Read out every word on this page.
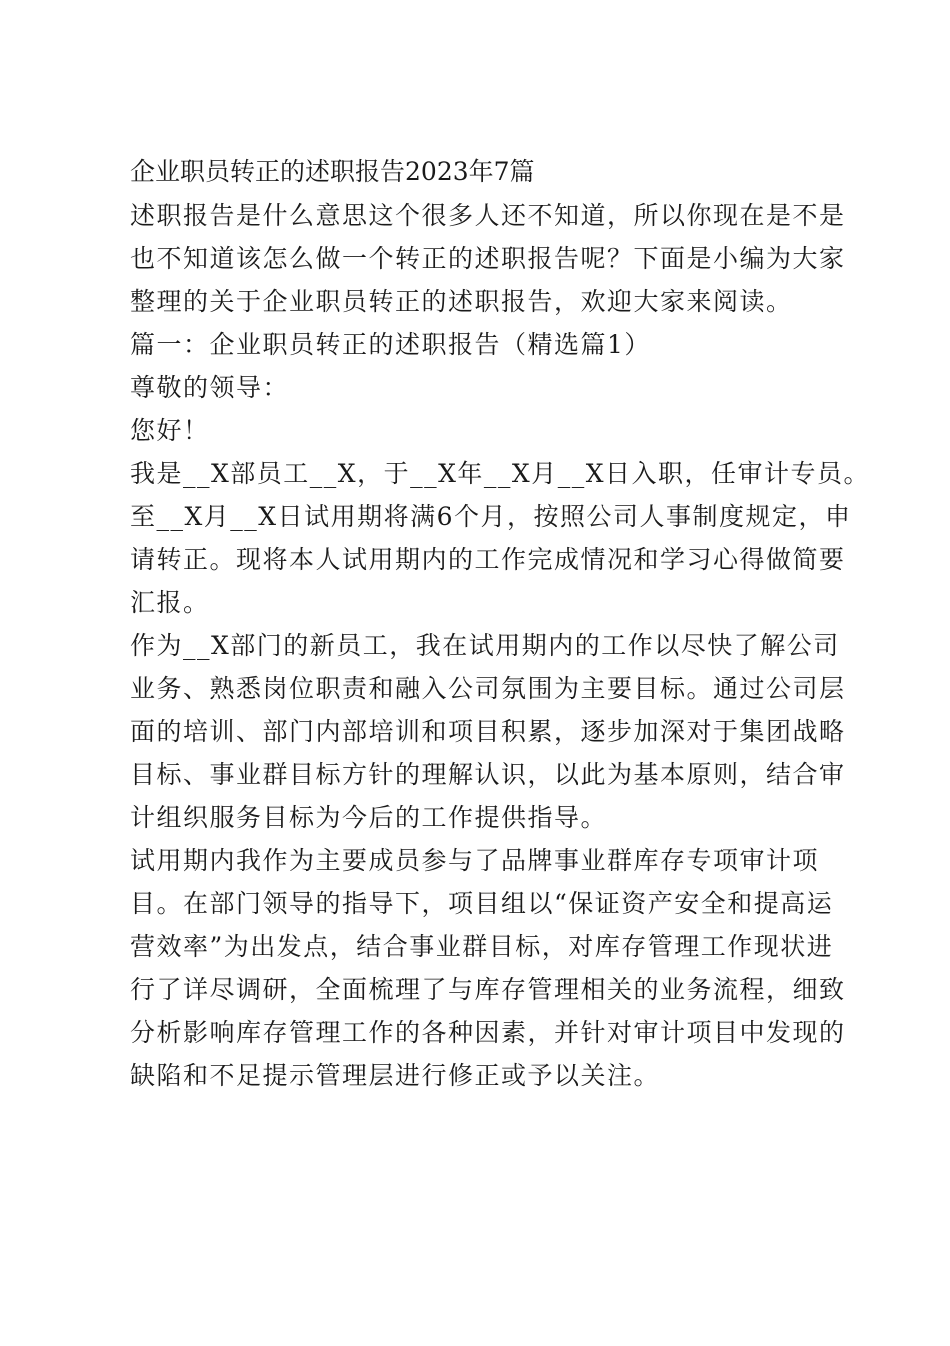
企业职员转正的述职报告2023年7篇

述职报告是什么意思这个很多人还不知道，所以你现在是不是
也不知道该怎么做一个转正的述职报告呢？下面是小编为大家
整理的关于企业职员转正的述职报告，欢迎大家来阅读。

篇一：企业职员转正的述职报告（精选篇1）

尊敬的领导：

您好！

我是__X部员工__X，于__X年__X月__X日入职，任审计专员。
至__X月__X日试用期将满6个月，按照公司人事制度规定，申
请转正。现将本人试用期内的工作完成情况和学习心得做简要
汇报。

作为__X部门的新员工，我在试用期内的工作以尽快了解公司
业务、熟悉岗位职责和融入公司氛围为主要目标。通过公司层
面的培训、部门内部培训和项目积累，逐步加深对于集团战略
目标、事业群目标方针的理解认识，以此为基本原则，结合审
计组织服务目标为今后的工作提供指导。

试用期内我作为主要成员参与了品牌事业群库存专项审计项
目。在部门领导的指导下，项目组以“保证资产安全和提高运
营效率”为出发点，结合事业群目标，对库存管理工作现状进
行了详尽调研，全面梳理了与库存管理相关的业务流程，细致
分析影响库存管理工作的各种因素，并针对审计项目中发现的
缺陷和不足提示管理层进行修正或予以关注。
